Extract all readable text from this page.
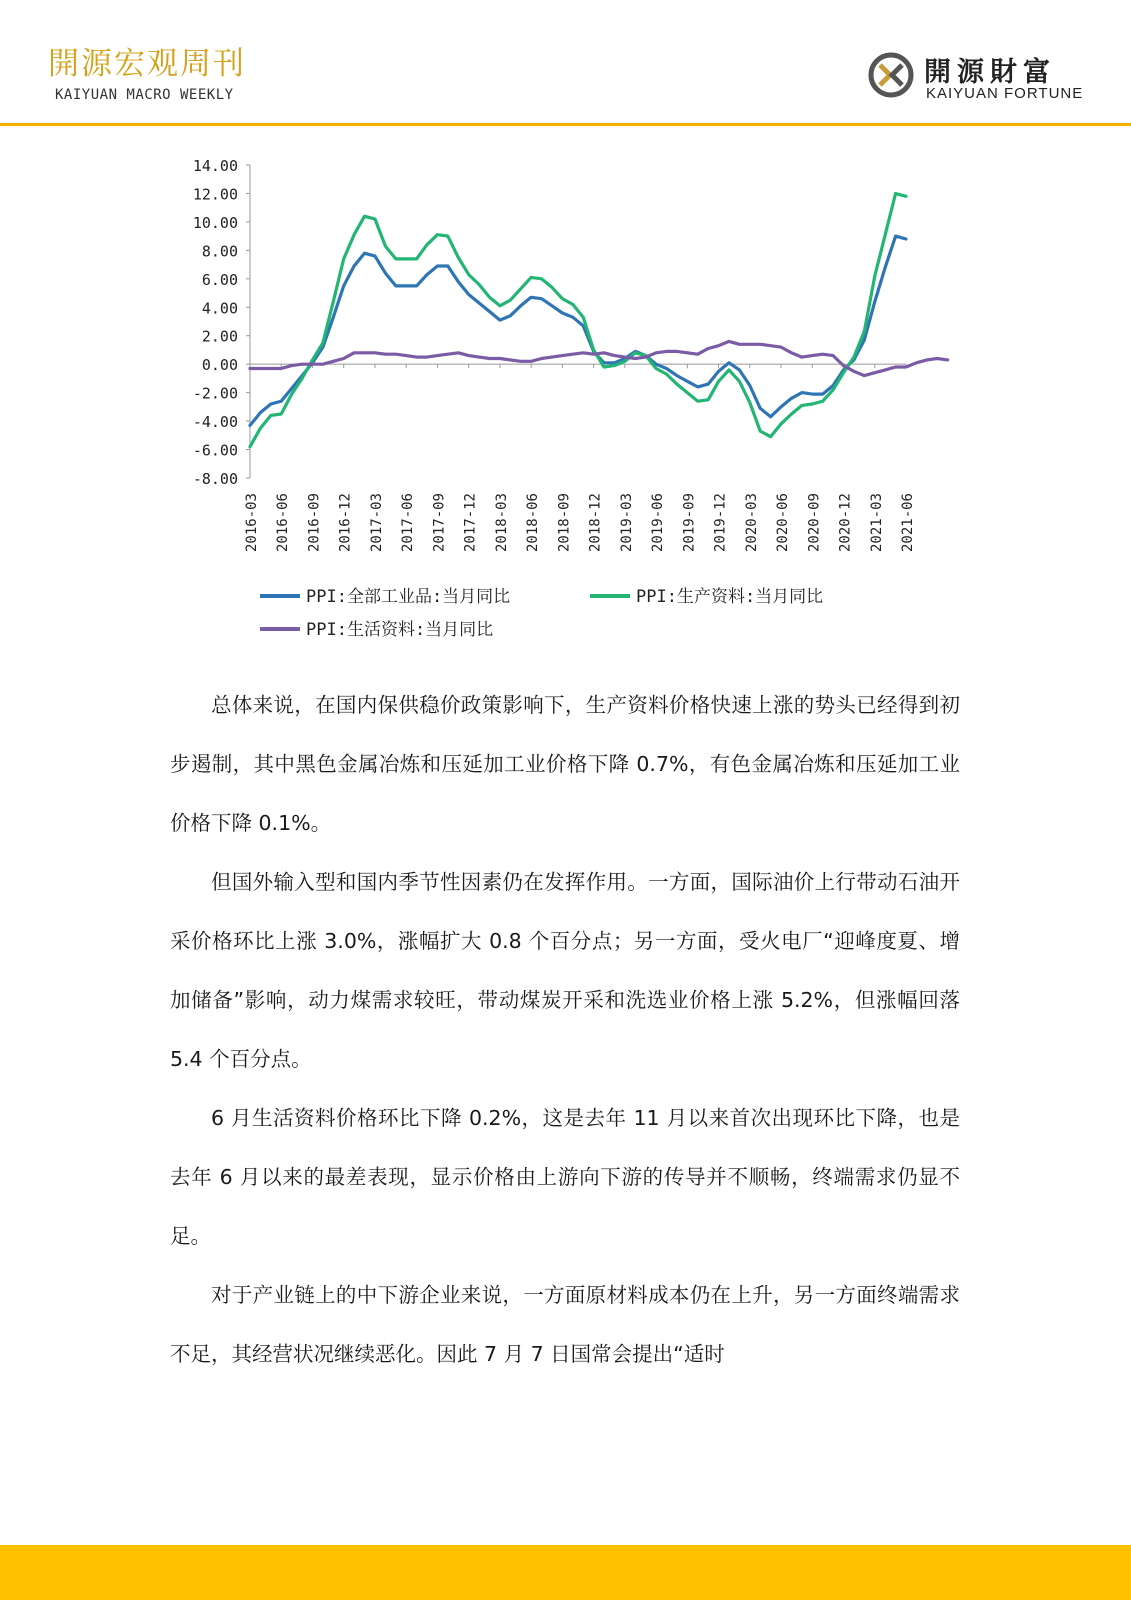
開源宏观周刊
KAIYUAN MACRO WEEKLY
開源財富
KAIYUAN FORTUNE
14.00
12.00
10.00
8.00
6.00
4.00
2.00
0.00
-2.00
-4.00
-6.00
-8.00
2016-03 2016-06 2016-09 2016-12 2017-03 2017-06 2017-09 2017-12 2018-03 2018-06 2018-09 2018-12 2019-03 2019-06 2019-09 2019-12 2020-03 2020-06 2020-09 2020-12 2021-03 2021-06
PPI:全部工业品:当月同比	PPI:生产资料:当月同比
PPI:生活资料:当月同比

总体来说，在国内保供稳价政策影响下，生产资料价格快速上涨的势头已经得到初步遏制，其中黑色金属冶炼和压延加工业价格下降 0.7%，有色金属冶炼和压延加工业价格下降 0.1%。

但国外输入型和国内季节性因素仍在发挥作用。一方面，国际油价上行带动石油开采价格环比上涨 3.0%，涨幅扩大 0.8 个百分点；另一方面，受火电厂“迎峰度夏、增加储备”影响，动力煤需求较旺，带动煤炭开采和洗选业价格上涨 5.2%，但涨幅回落 5.4 个百分点。

6 月生活资料价格环比下降 0.2%，这是去年 11 月以来首次出现环比下降，也是去年 6 月以来的最差表现，显示价格由上游向下游的传导并不顺畅，终端需求仍显不足。

对于产业链上的中下游企业来说，一方面原材料成本仍在上升，另一方面终端需求不足，其经营状况继续恶化。因此 7 月 7 日国常会提出“适时
